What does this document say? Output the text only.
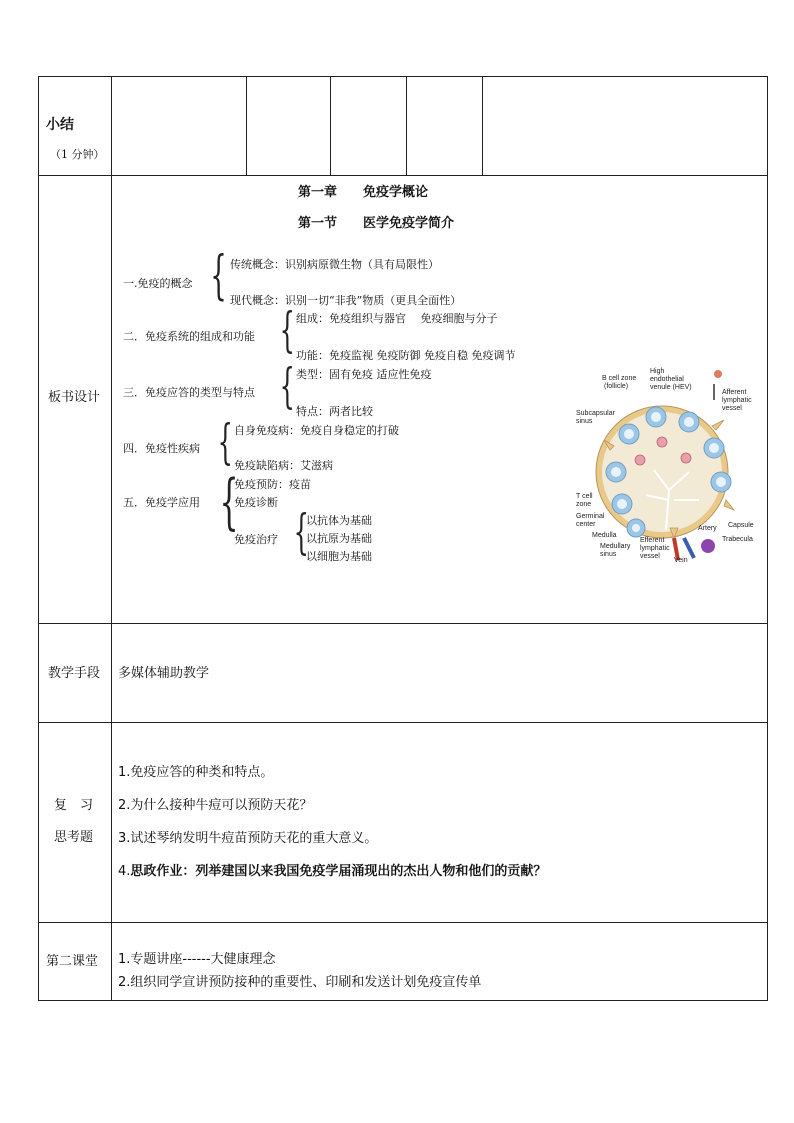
小结
（1 分钟）
板书设计
第一章　　免疫学概论
第一节　　医学免疫学简介
一.免疫的概念 { 传统概念：识别病原微生物（具有局限性）
现代概念：识别一切“非我”物质（更具全面性）
二．免疫系统的组成和功能 { 组成：免疫组织与器官　 免疫细胞与分子
功能：免疫监视 免疫防御 免疫自稳 免疫调节
三．免疫应答的类型与特点 { 类型：固有免疫 适应性免疫
特点：两者比较
四．免疫性疾病 { 自身免疫病：免疫自身稳定的打破
免疫缺陷病：艾滋病
五．免疫学应用 {
免疫预防：疫苗
免疫诊断
免疫治疗 {
以抗体为基础
以抗原为基础
以细胞为基础
B cell zone
(follicle)
High
endothelial
venule (HEV)
Afferent
lymphatic
vessel
Subcapsular
sinus
T cell
zone
Germinal
center
Medulla
Medullary
sinus
Efferent
lymphatic
vessel
Vein
Artery Capsule
Trabecula
教学手段 多媒体辅助教学
复　习
思考题
1.免疫应答的种类和特点。
2.为什么接种牛痘可以预防天花？
3.试述琴纳发明牛痘苗预防天花的重大意义。
4.思政作业：列举建国以来我国免疫学届涌现出的杰出人物和他们的贡献？
第二课堂 1.专题讲座------大健康理念
2.组织同学宣讲预防接种的重要性、印刷和发送计划免疫宣传单
